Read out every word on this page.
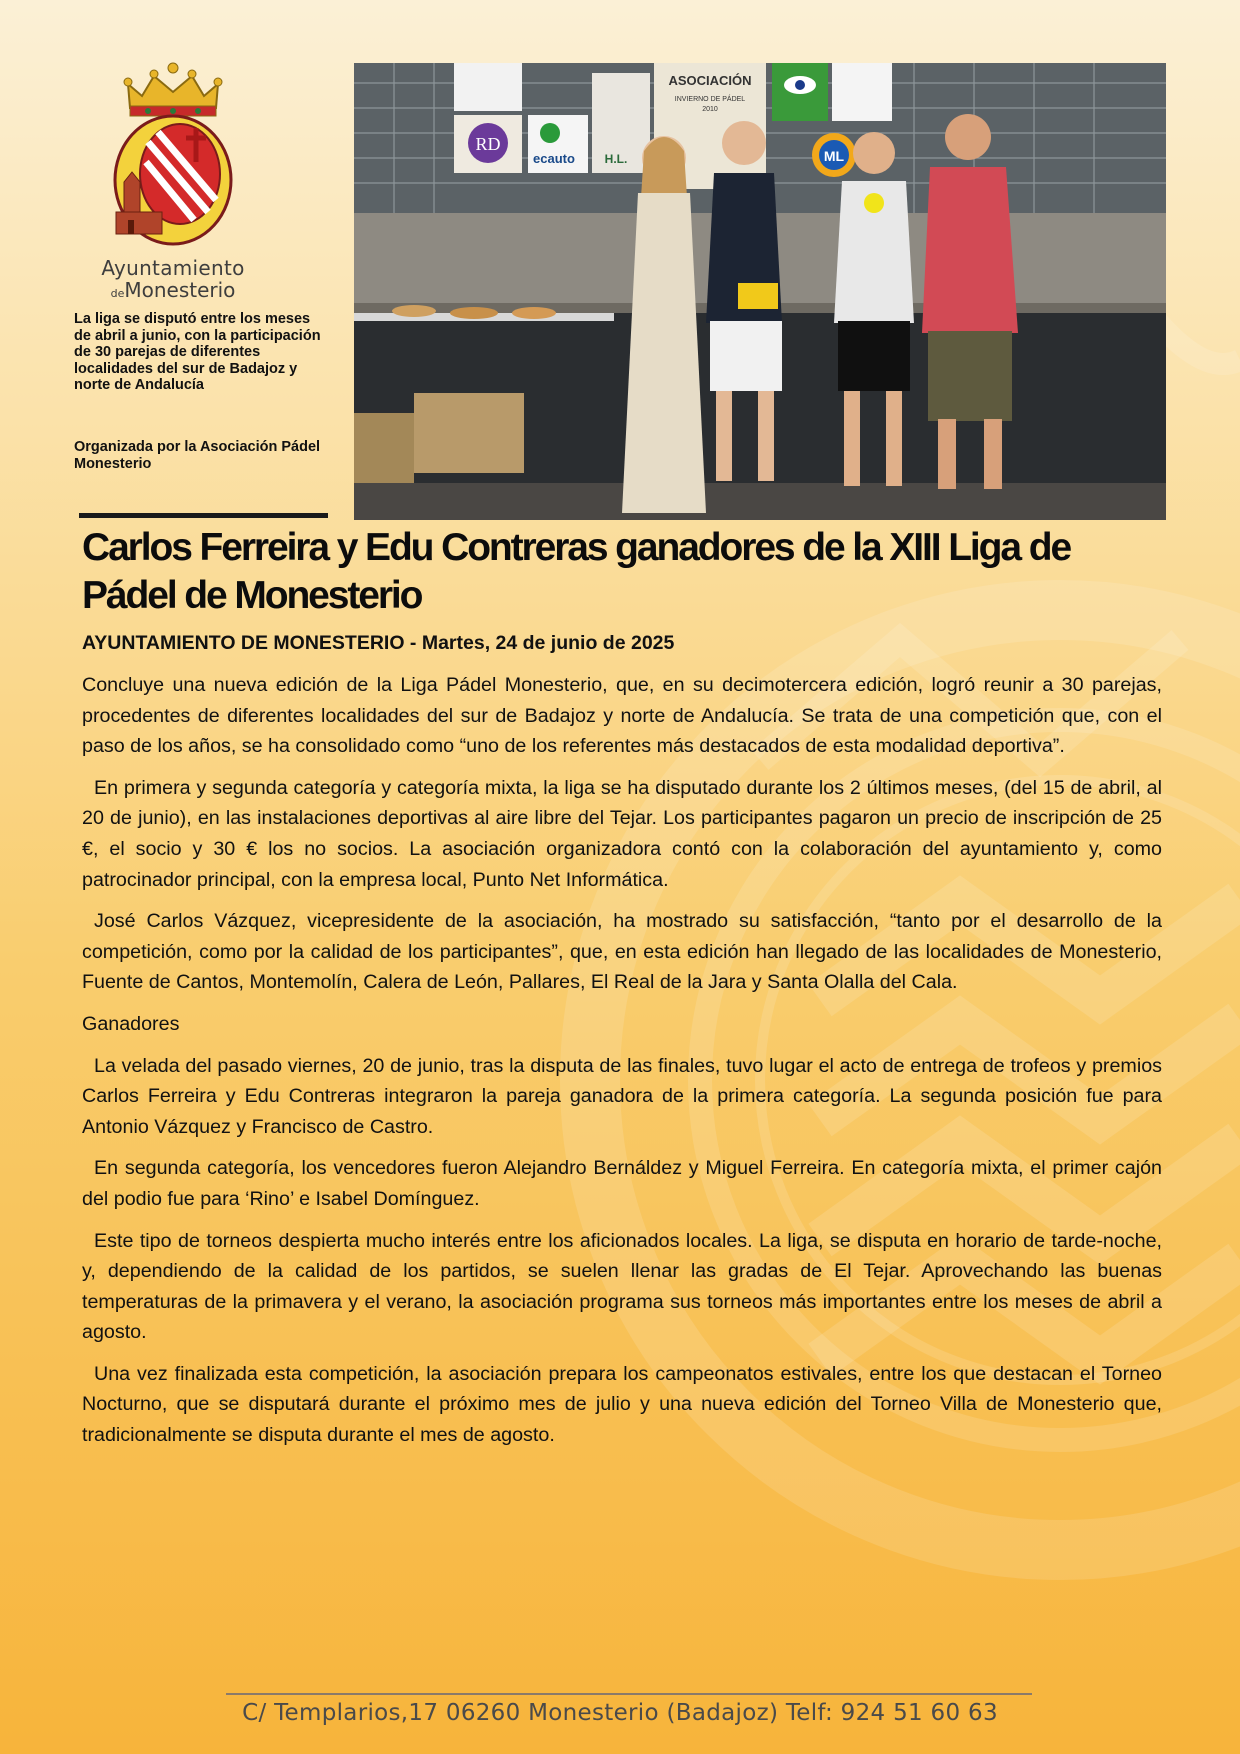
Ayuntamiento
deMonesterio
La liga se disputó entre los meses de abril a junio, con la participación de 30 parejas de diferentes localidades del sur de Badajoz y norte de Andalucía
Organizada por la Asociación Pádel Monesterio
RD
ecauto H.L.
ASOCIACIÓN
INVIERNO DE PÁDEL
2010
ML
Carlos Ferreira y Edu Contreras ganadores de la XIII Liga de Pádel de Monesterio
AYUNTAMIENTO DE MONESTERIO - Martes, 24 de junio de 2025

Concluye una nueva edición de la Liga Pádel Monesterio, que, en su decimotercera edición, logró reunir a 30 parejas, procedentes de diferentes localidades del sur de Badajoz y norte de Andalucía. Se trata de una competición que, con el paso de los años, se ha consolidado como “uno de los referentes más destacados de esta modalidad deportiva”.

En primera y segunda categoría y categoría mixta, la liga se ha disputado durante los 2 últimos meses, (del 15 de abril, al 20 de junio), en las instalaciones deportivas al aire libre del Tejar. Los participantes pagaron un precio de inscripción de 25 €, el socio y 30 € los no socios. La asociación organizadora contó con la colaboración del ayuntamiento y, como patrocinador principal, con la empresa local, Punto Net Informática.

José Carlos Vázquez, vicepresidente de la asociación, ha mostrado su satisfacción, “tanto por el desarrollo de la competición, como por la calidad de los participantes”, que, en esta edición han llegado de las localidades de Monesterio, Fuente de Cantos, Montemolín, Calera de León, Pallares, El Real de la Jara y Santa Olalla del Cala.

Ganadores

La velada del pasado viernes, 20 de junio, tras la disputa de las finales, tuvo lugar el acto de entrega de trofeos y premios Carlos Ferreira y Edu Contreras integraron la pareja ganadora de la primera categoría. La segunda posición fue para Antonio Vázquez y Francisco de Castro.

En segunda categoría, los vencedores fueron Alejandro Bernáldez y Miguel Ferreira. En categoría mixta, el primer cajón del podio fue para ‘Rino’ e Isabel Domínguez.

Este tipo de torneos despierta mucho interés entre los aficionados locales. La liga, se disputa en horario de tarde-noche, y, dependiendo de la calidad de los partidos, se suelen llenar las gradas de El Tejar. Aprovechando las buenas temperaturas de la primavera y el verano, la asociación programa sus torneos más importantes entre los meses de abril a agosto.

Una vez finalizada esta competición, la asociación prepara los campeonatos estivales, entre los que destacan el Torneo Nocturno, que se disputará durante el próximo mes de julio y una nueva edición del Torneo Villa de Monesterio que, tradicionalmente se disputa durante el mes de agosto.

C/ Templarios,17 06260 Monesterio (Badajoz) Telf: 924 51 60 63
